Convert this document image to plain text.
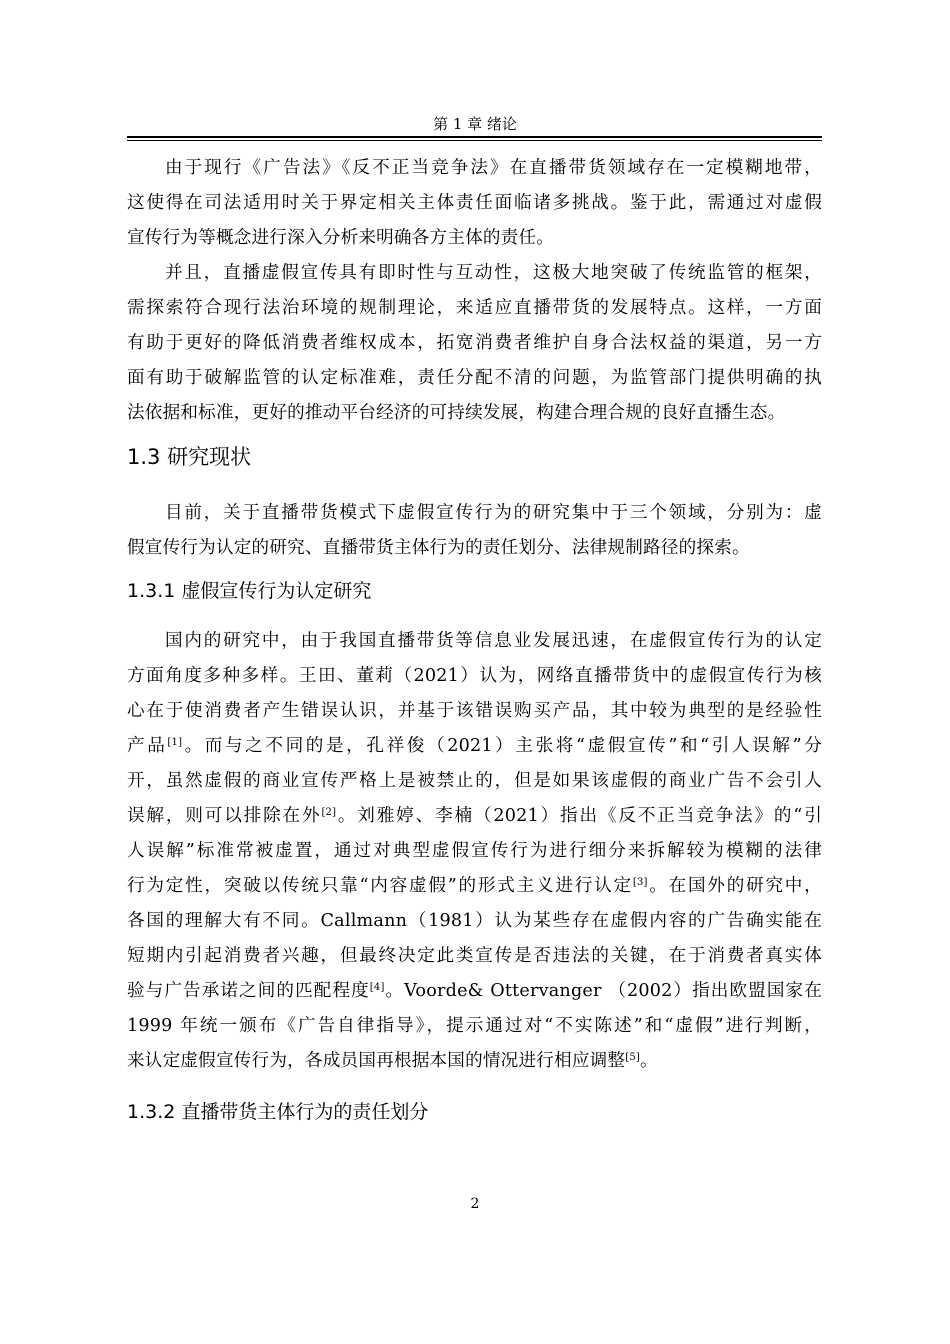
第 1 章 绪论
由于现行《广告法》《反不正当竞争法》在直播带货领域存在一定模糊地带，
这使得在司法适用时关于界定相关主体责任面临诸多挑战。鉴于此，需通过对虚假
宣传行为等概念进行深入分析来明确各方主体的责任。
并且，直播虚假宣传具有即时性与互动性，这极大地突破了传统监管的框架，
需探索符合现行法治环境的规制理论，来适应直播带货的发展特点。这样，一方面
有助于更好的降低消费者维权成本，拓宽消费者维护自身合法权益的渠道，另一方
面有助于破解监管的认定标准难，责任分配不清的问题，为监管部门提供明确的执
法依据和标准，更好的推动平台经济的可持续发展，构建合理合规的良好直播生态。
1.3 研究现状
目前，关于直播带货模式下虚假宣传行为的研究集中于三个领域，分别为：虚
假宣传行为认定的研究、直播带货主体行为的责任划分、法律规制路径的探索。
1.3.1 虚假宣传行为认定研究
国内的研究中，由于我国直播带货等信息业发展迅速，在虚假宣传行为的认定
方面角度多种多样。王田、董莉（2021）认为，网络直播带货中的虚假宣传行为核
心在于使消费者产生错误认识，并基于该错误购买产品，其中较为典型的是经验性
产品[1]。而与之不同的是，孔祥俊（2021）主张将“虚假宣传”和“引人误解”分
开，虽然虚假的商业宣传严格上是被禁止的，但是如果该虚假的商业广告不会引人
误解，则可以排除在外[2]。刘雅婷、李楠（2021）指出《反不正当竞争法》的“引
人误解”标准常被虚置，通过对典型虚假宣传行为进行细分来拆解较为模糊的法律
行为定性，突破以传统只靠“内容虚假”的形式主义进行认定[3]。在国外的研究中，
各国的理解大有不同。Callmann（1981）认为某些存在虚假内容的广告确实能在
短期内引起消费者兴趣，但最终决定此类宣传是否违法的关键，在于消费者真实体
验与广告承诺之间的匹配程度[4]。Voorde& Ottervanger （2002）指出欧盟国家在
1999 年统一颁布《广告自律指导》，提示通过对“不实陈述”和“虚假”进行判断，
来认定虚假宣传行为，各成员国再根据本国的情况进行相应调整[5]。
1.3.2 直播带货主体行为的责任划分
2
